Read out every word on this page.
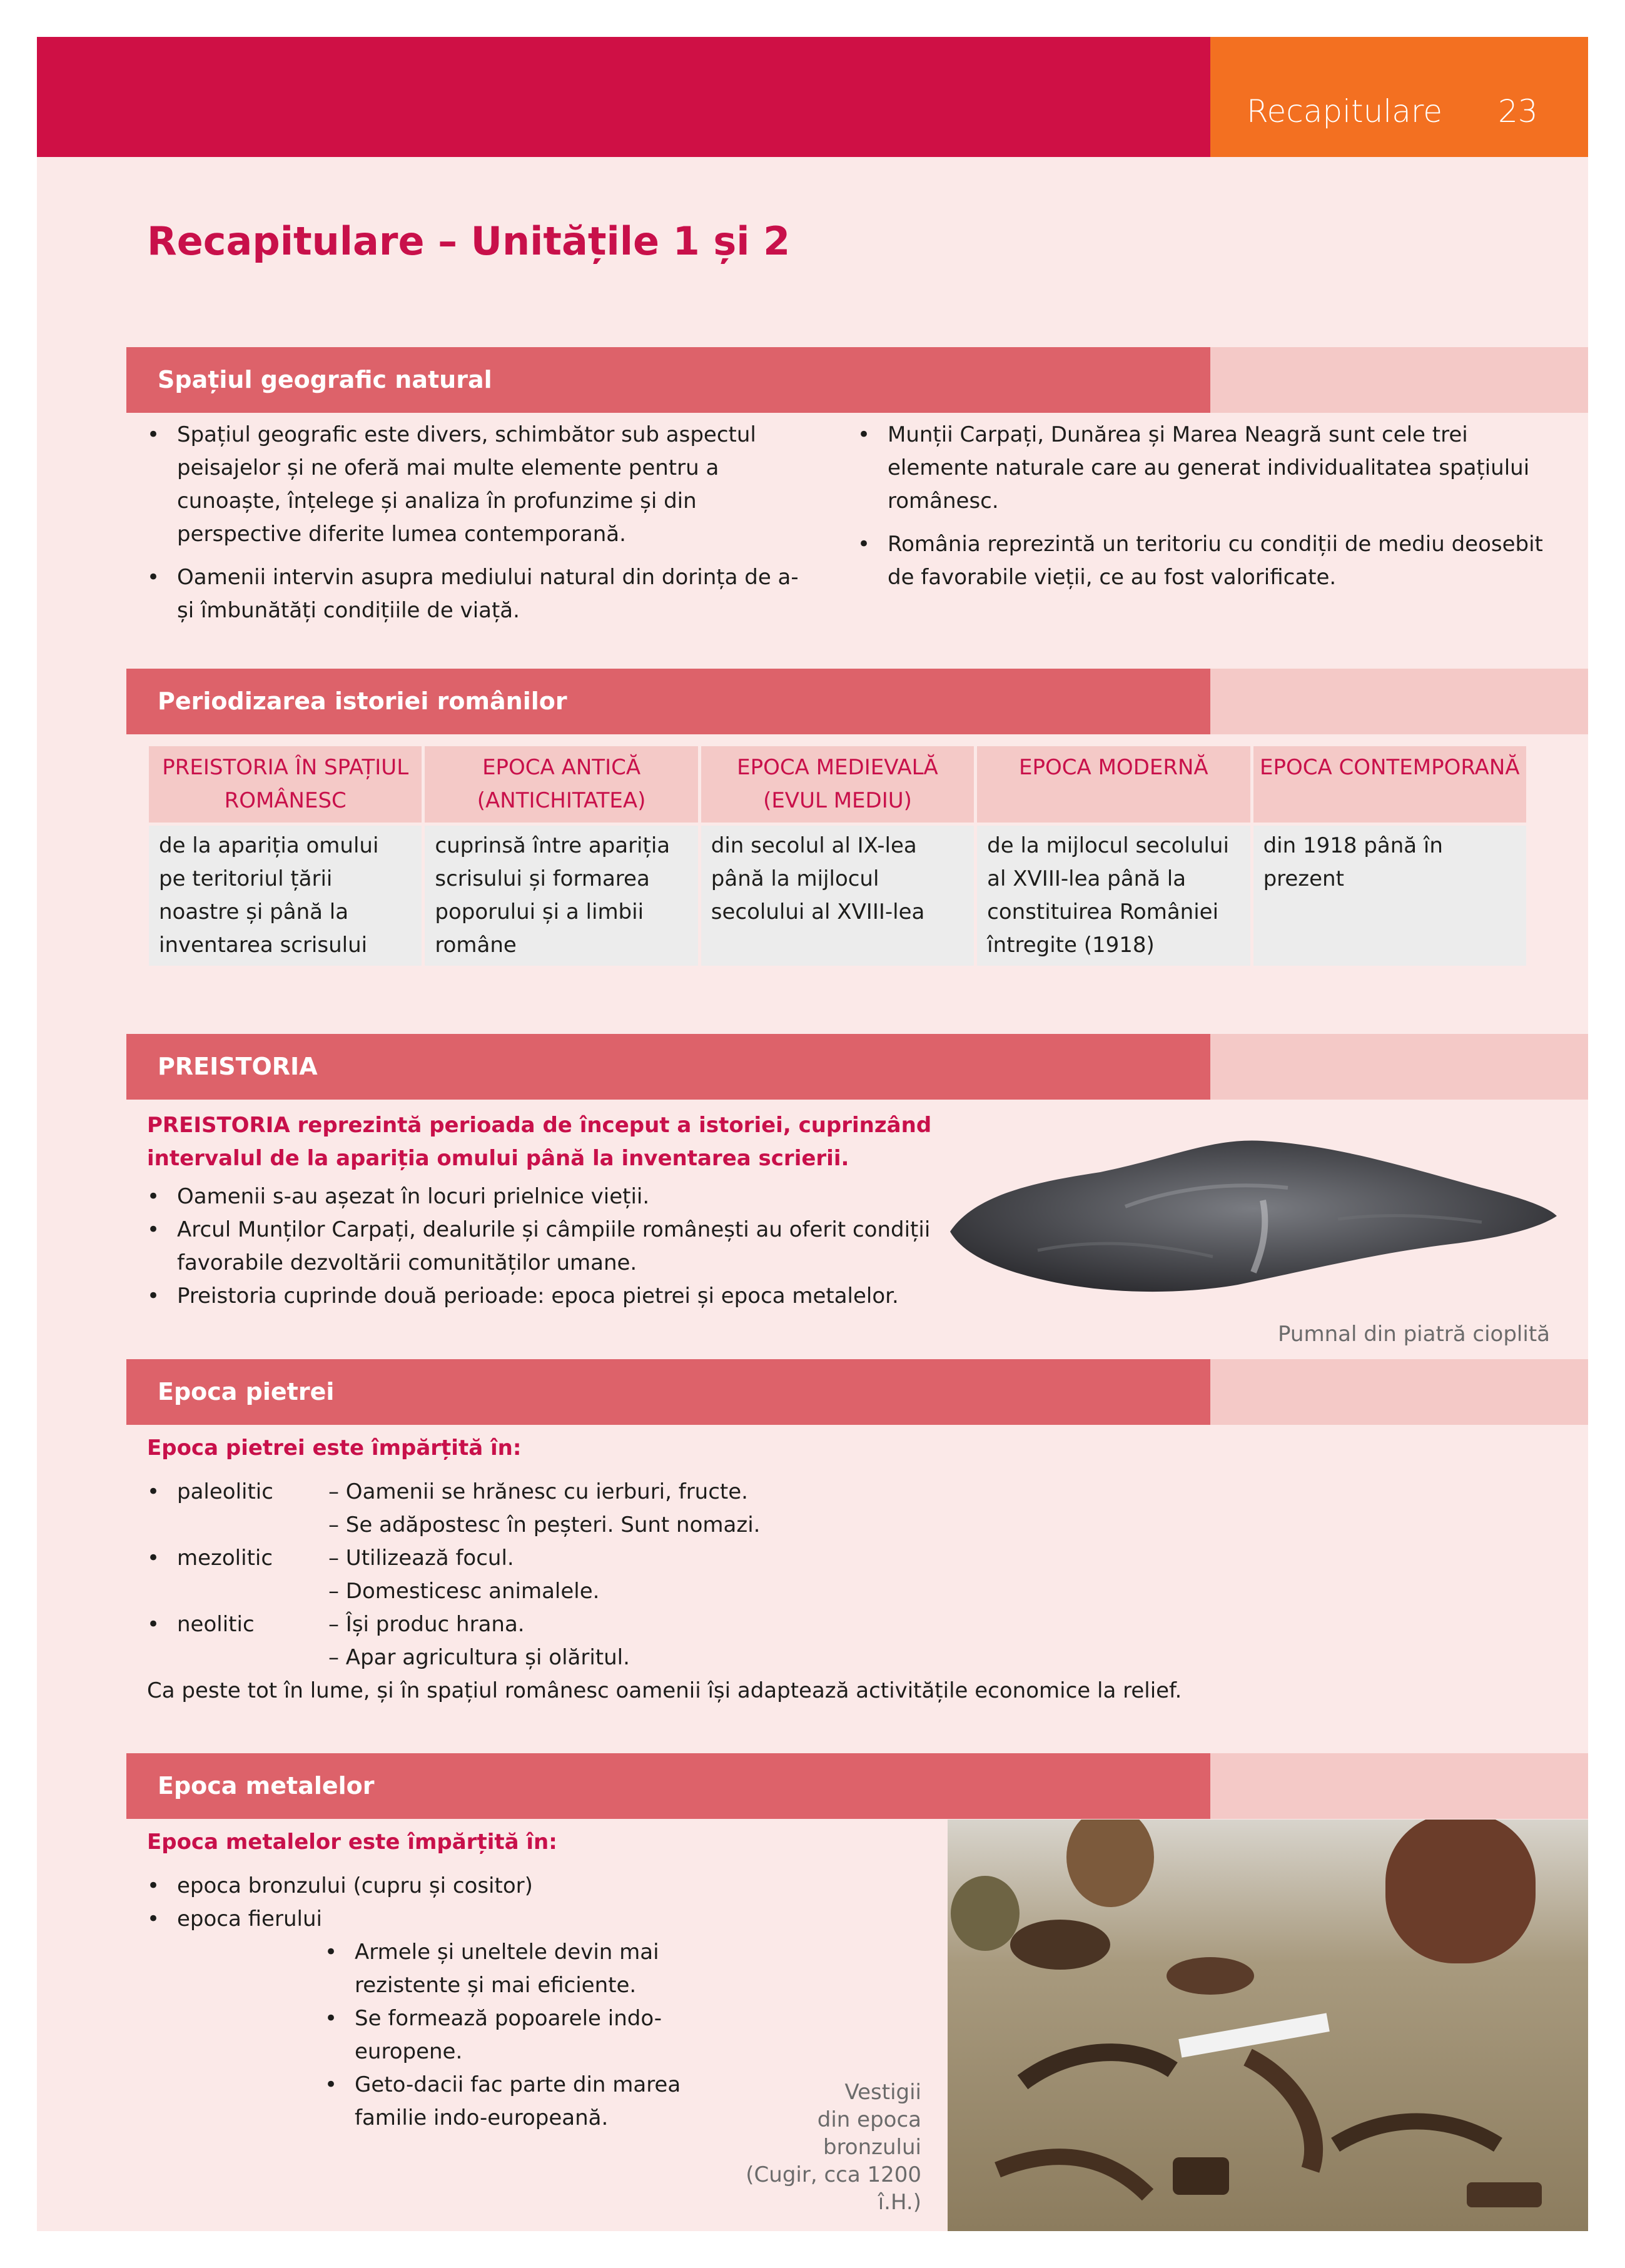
Recapitulare 23
Recapitulare – Unitățile 1 și 2
Spațiul geografic natural
• Spațiul geografic este divers, schimbător sub aspectul peisajelor și ne oferă mai multe elemente pentru a cunoaște, înțelege și analiza în profunzime și din perspective diferite lumea contemporană.
• Oamenii intervin asupra mediului natural din dorința de a-și îmbunătăți condițiile de viață.
• Munții Carpați, Dunărea și Marea Neagră sunt cele trei elemente naturale care au generat individualitatea spațiului românesc.
• România reprezintă un teritoriu cu condiții de mediu deosebit de favorabile vieții, ce au fost valorificate.
Periodizarea istoriei românilor
PREISTORIA ÎN SPAȚIUL ROMÂNESC	EPOCA ANTICĂ (ANTICHITATEA)	EPOCA MEDIEVALĂ (EVUL MEDIU)	EPOCA MODERNĂ	EPOCA CONTEMPORANĂ
de la apariția omului pe teritoriul țării noastre și până la inventarea scrisului	cuprinsă între apariția scrisului și formarea poporului și a limbii române	din secolul al IX-lea până la mijlocul secolului al XVIII-lea	de la mijlocul secolului al XVIII-lea până la constituirea României întregite (1918)	din 1918 până în prezent
PREISTORIA
PREISTORIA reprezintă perioada de început a istoriei, cuprinzând intervalul de la apariția omului până la inventarea scrierii.
• Oamenii s-au așezat în locuri prielnice vieții.
• Arcul Munților Carpați, dealurile și câmpiile românești au oferit condiții favorabile dezvoltării comunităților umane.
• Preistoria cuprinde două perioade: epoca pietrei și epoca metalelor.
Pumnal din piatră cioplită
Epoca pietrei
Epoca pietrei este împărțită în:
• paleolitic	– Oamenii se hrănesc cu ierburi, fructe.
– Se adăpostesc în peșteri. Sunt nomazi.
• mezolitic	– Utilizează focul.
– Domesticesc animalele.
• neolitic	– Își produc hrana.
– Apar agricultura și olăritul.
Ca peste tot în lume, și în spațiul românesc oamenii își adaptează activitățile economice la relief.
Epoca metalelor
Epoca metalelor este împărțită în:
• epoca bronzului (cupru și cositor)
• epoca fierului
• Armele și uneltele devin mai rezistente și mai eficiente.
• Se formează popoarele indo-europene.
• Geto-dacii fac parte din marea familie indo-europeană.
Vestigii
din epoca bronzului
(Cugir, cca 1200 î.H.)
